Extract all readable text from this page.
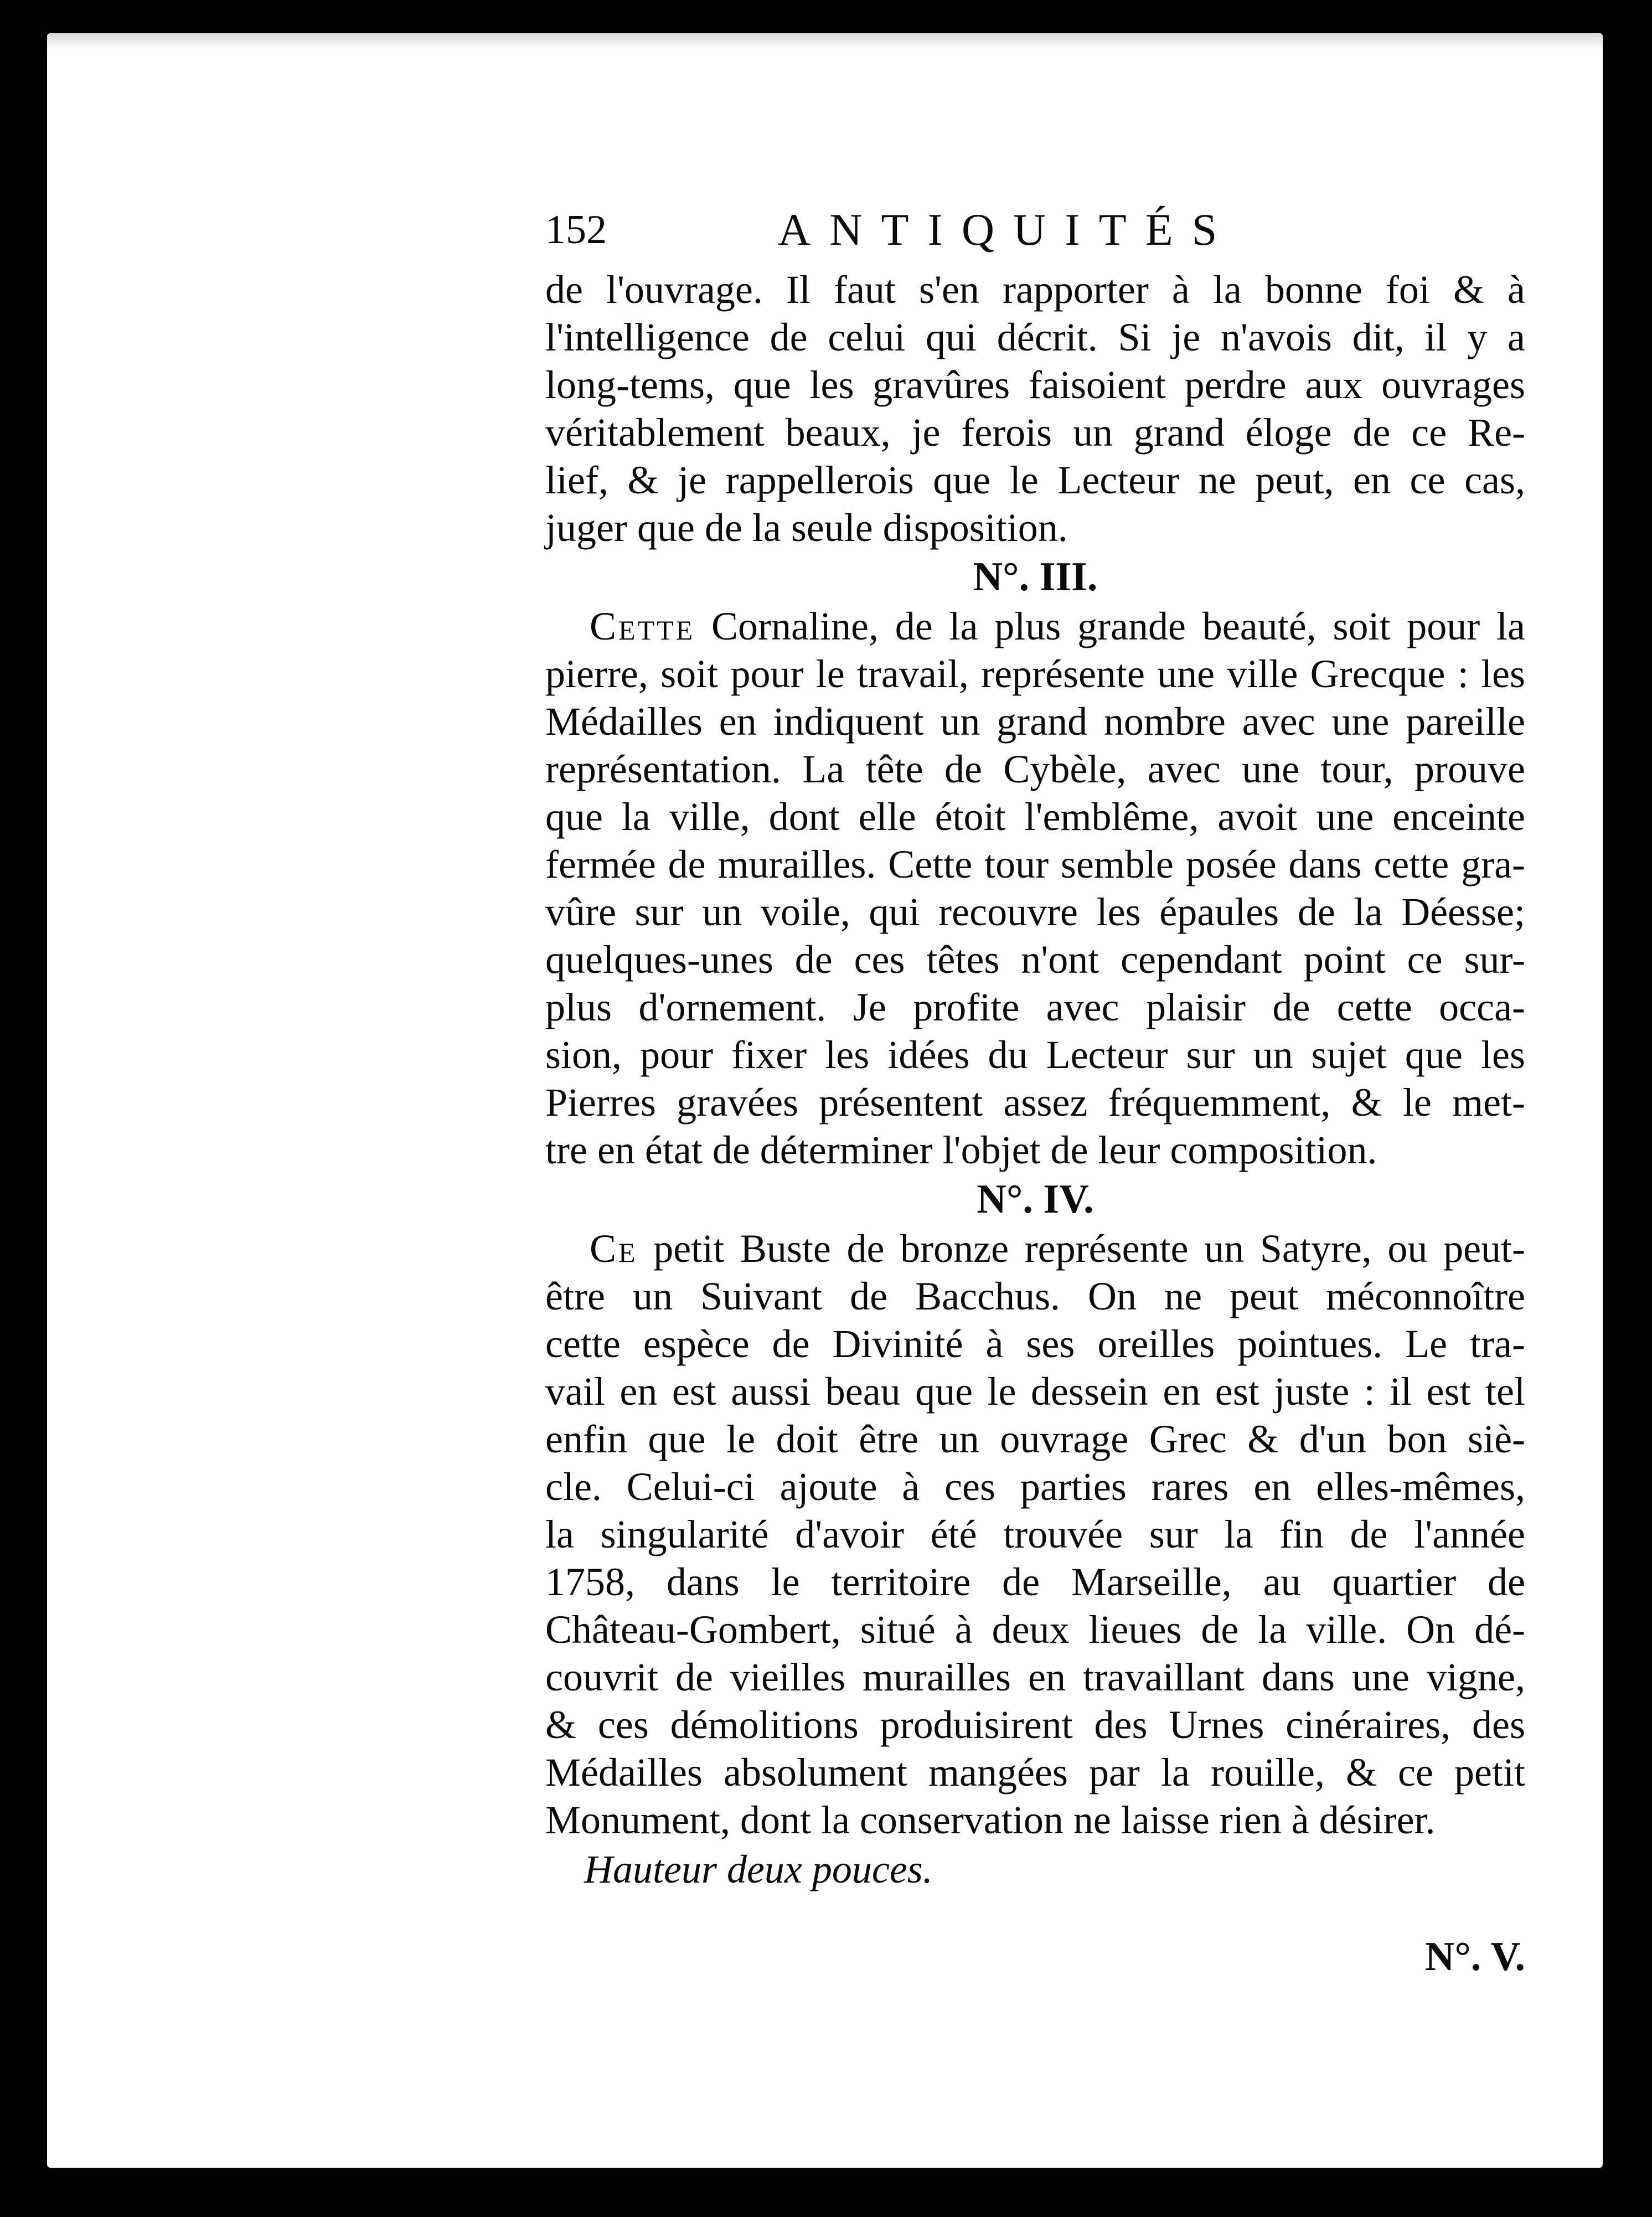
152	ANTIQUITÉS

de l'ouvrage. Il faut s'en rapporter à la bonne foi & à
l'intelligence de celui qui décrit. Si je n'avois dit, il y a
long-tems, que les gravûres faisoient perdre aux ouvrages
véritablement beaux, je ferois un grand éloge de ce Re-
lief, & je rappellerois que le Lecteur ne peut, en ce cas,
juger que de la seule disposition.

N°. III.

Cette Cornaline, de la plus grande beauté, soit pour la
pierre, soit pour le travail, représente une ville Grecque : les
Médailles en indiquent un grand nombre avec une pareille
représentation. La tête de Cybèle, avec une tour, prouve
que la ville, dont elle étoit l'emblême, avoit une enceinte
fermée de murailles. Cette tour semble posée dans cette gra-
vûre sur un voile, qui recouvre les épaules de la Déesse;
quelques-unes de ces têtes n'ont cependant point ce sur-
plus d'ornement. Je profite avec plaisir de cette occa-
sion, pour fixer les idées du Lecteur sur un sujet que les
Pierres gravées présentent assez fréquemment, & le met-
tre en état de déterminer l'objet de leur composition.

N°. IV.

Ce petit Buste de bronze représente un Satyre, ou peut-
être un Suivant de Bacchus. On ne peut méconnoître
cette espèce de Divinité à ses oreilles pointues. Le tra-
vail en est aussi beau que le dessein en est juste : il est tel
enfin que le doit être un ouvrage Grec & d'un bon siè-
cle. Celui-ci ajoute à ces parties rares en elles-mêmes,
la singularité d'avoir été trouvée sur la fin de l'année
1758, dans le territoire de Marseille, au quartier de
Château-Gombert, situé à deux lieues de la ville. On dé-
couvrit de vieilles murailles en travaillant dans une vigne,
& ces démolitions produisirent des Urnes cinéraires, des
Médailles absolument mangées par la rouille, & ce petit
Monument, dont la conservation ne laisse rien à désirer.

Hauteur deux pouces.

N°. V.
